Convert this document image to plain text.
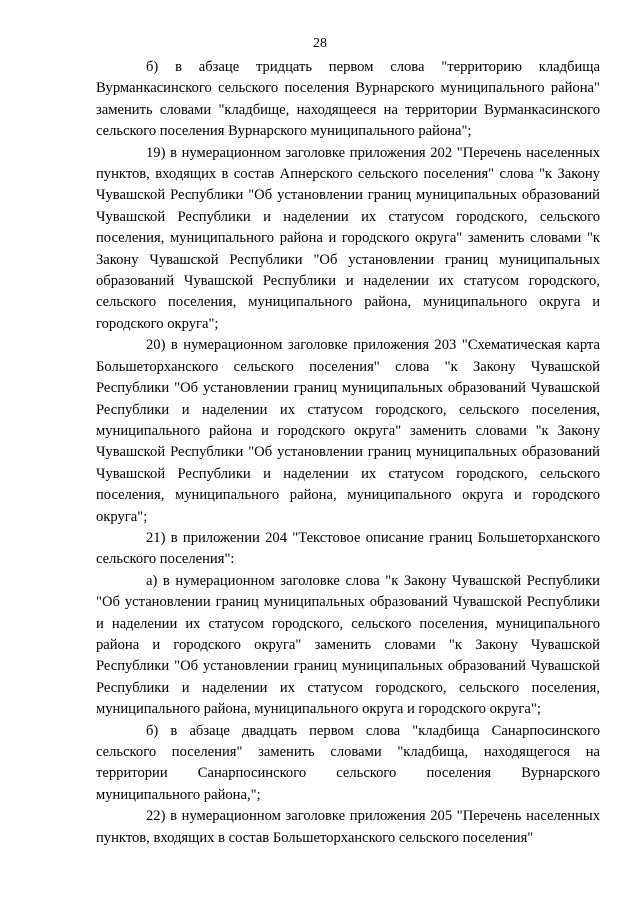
28

б) в абзаце тридцать первом слова "территорию кладбища Вурманкасинского сельского поселения Вурнарского муниципального района" заменить словами "кладбище, находящееся на территории Вурманкасинского сельского поселения Вурнарского муниципального района";

19) в нумерационном заголовке приложения 202 "Перечень населенных пунктов, входящих в состав Апнерского сельского поселения" слова "к Закону Чувашской Республики "Об установлении границ муниципальных образований Чувашской Республики и наделении их статусом городского, сельского поселения, муниципального района и городского округа" заменить словами "к Закону Чувашской Республики "Об установлении границ муниципальных образований Чувашской Республики и наделении их статусом городского, сельского поселения, муниципального района, муниципального округа и городского округа";

20) в нумерационном заголовке приложения 203 "Схематическая карта Большеторханского сельского поселения" слова "к Закону Чувашской Республики "Об установлении границ муниципальных образований Чувашской Республики и наделении их статусом городского, сельского поселения, муниципального района и городского округа" заменить словами "к Закону Чувашской Республики "Об установлении границ муниципальных образований Чувашской Республики и наделении их статусом городского, сельского поселения, муниципального района, муниципального округа и городского округа";

21) в приложении 204 "Текстовое описание границ Большеторханского сельского поселения":

а) в нумерационном заголовке слова "к Закону Чувашской Республики "Об установлении границ муниципальных образований Чувашской Республики и наделении их статусом городского, сельского поселения, муниципального района и городского округа" заменить словами "к Закону Чувашской Республики "Об установлении границ муниципальных образований Чувашской Республики и наделении их статусом городского, сельского поселения, муниципального района, муниципального округа и городского округа";

б) в абзаце двадцать первом слова "кладбища Санарпосинского сельского поселения" заменить словами "кладбища, находящегося на территории Санарпосинского сельского поселения Вурнарского муниципального района,";

22) в нумерационном заголовке приложения 205 "Перечень населенных пунктов, входящих в состав Большеторханского сельского поселения"
